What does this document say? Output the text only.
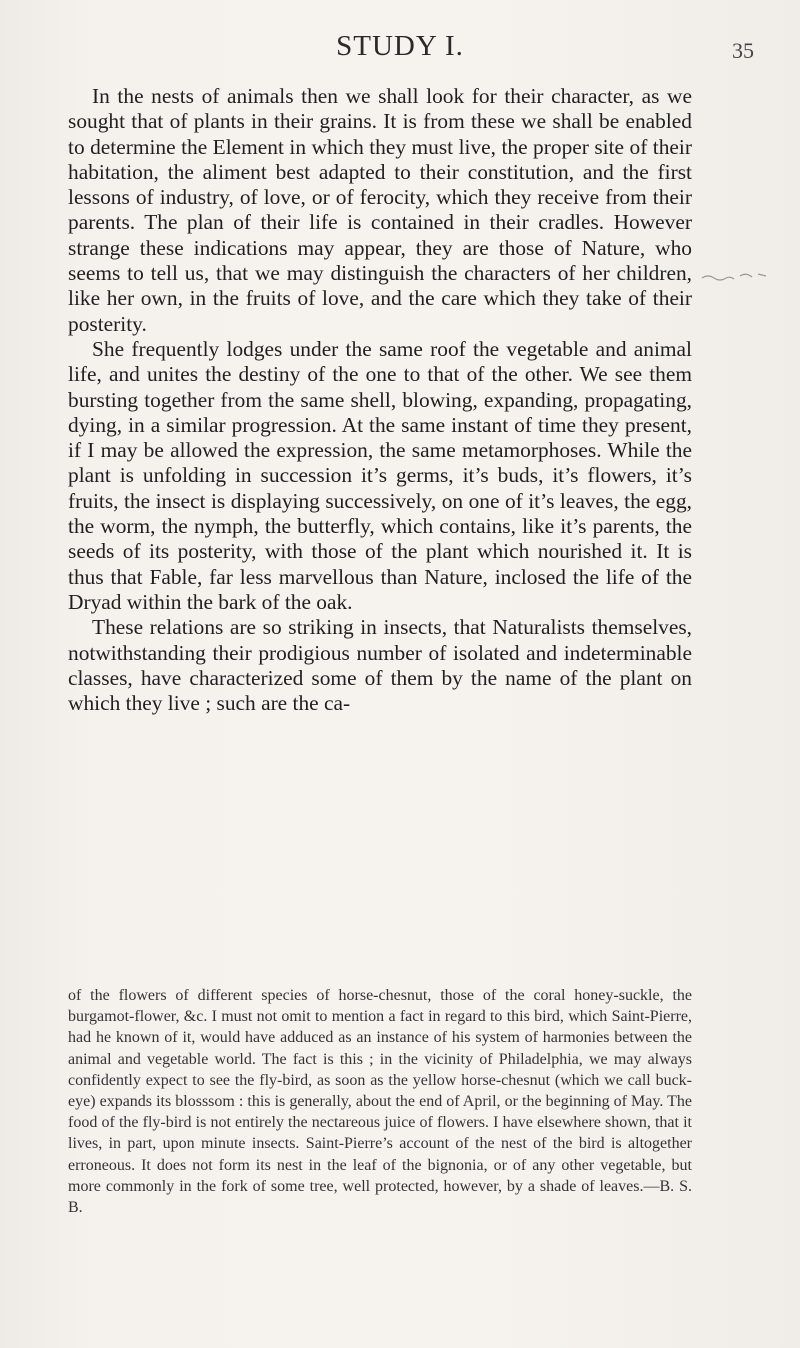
STUDY I.	35

In the nests of animals then we shall look for their character, as we sought that of plants in their grains. It is from these we shall be enabled to determine the Element in which they must live, the proper site of their habitation, the aliment best adapted to their constitution, and the first lessons of industry, of love, or of ferocity, which they receive from their parents. The plan of their life is contained in their cradles. However strange these indications may appear, they are those of Nature, who seems to tell us, that we may distinguish the characters of her children, like her own, in the fruits of love, and the care which they take of their posterity.

She frequently lodges under the same roof the vegetable and animal life, and unites the destiny of the one to that of the other. We see them bursting together from the same shell, blowing, expanding, propagating, dying, in a similar progression. At the same instant of time they present, if I may be allowed the expression, the same metamorphoses. While the plant is unfolding in succession it’s germs, it’s buds, it’s flowers, it’s fruits, the insect is displaying successively, on one of it’s leaves, the egg, the worm, the nymph, the butterfly, which contains, like it’s parents, the seeds of its posterity, with those of the plant which nourished it. It is thus that Fable, far less marvellous than Nature, inclosed the life of the Dryad within the bark of the oak.

These relations are so striking in insects, that Naturalists themselves, notwithstanding their prodigious number of isolated and indeterminable classes, have characterized some of them by the name of the plant on which they live ; such are the ca-

of the flowers of different species of horse-chesnut, those of the coral honey-suckle, the burgamot-flower, &c. I must not omit to mention a fact in regard to this bird, which Saint-Pierre, had he known of it, would have adduced as an instance of his system of harmonies between the animal and vegetable world. The fact is this ; in the vicinity of Philadelphia, we may always confidently expect to see the fly-bird, as soon as the yellow horse-chesnut (which we call buck-eye) expands its blosssom : this is generally, about the end of April, or the beginning of May. The food of the fly-bird is not entirely the nectareous juice of flowers. I have elsewhere shown, that it lives, in part, upon minute insects. Saint-Pierre’s account of the nest of the bird is altogether erroneous. It does not form its nest in the leaf of the bignonia, or of any other vegetable, but more commonly in the fork of some tree, well protected, however, by a shade of leaves.—B. S. B.
